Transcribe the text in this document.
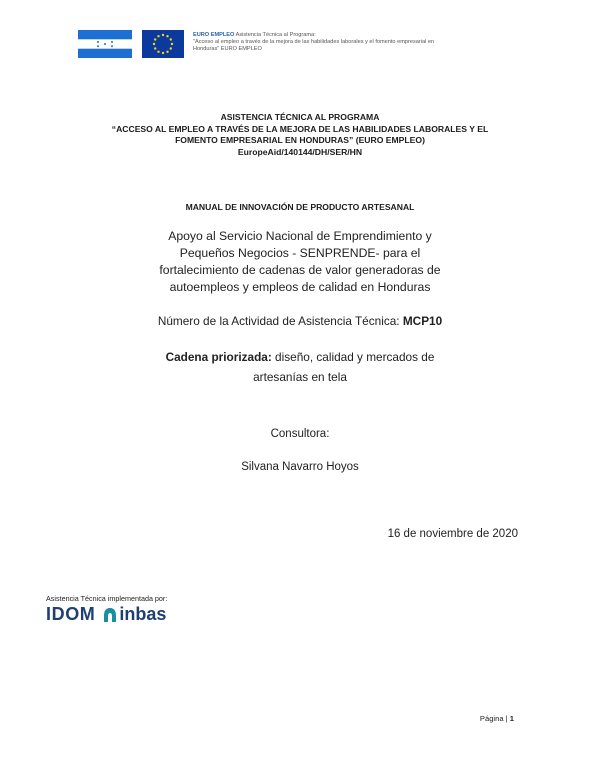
EURO EMPLEO Asistencia Técnica al Programa:
"Acceso al empleo a través de la mejora de las habilidades laborales y el fomento empresarial en
Honduras" EURO EMPLEO
ASISTENCIA TÉCNICA AL PROGRAMA
“ACCESO AL EMPLEO A TRAVÉS DE LA MEJORA DE LAS HABILIDADES LABORALES Y EL
FOMENTO EMPRESARIAL EN HONDURAS” (EURO EMPLEO)
EuropeAid/140144/DH/SER/HN
MANUAL DE INNOVACIÓN DE PRODUCTO ARTESANAL
Apoyo al Servicio Nacional de Emprendimiento y
Pequeños Negocios - SENPRENDE- para el
fortalecimiento de cadenas de valor generadoras de
autoempleos y empleos de calidad en Honduras
Número de la Actividad de Asistencia Técnica: MCP10
Cadena priorizada: diseño, calidad y mercados de
artesanías en tela
Consultora:
Silvana Navarro Hoyos
16 de noviembre de 2020
Asistencia Técnica implementada por:
IDOM inbas
Página | 1
